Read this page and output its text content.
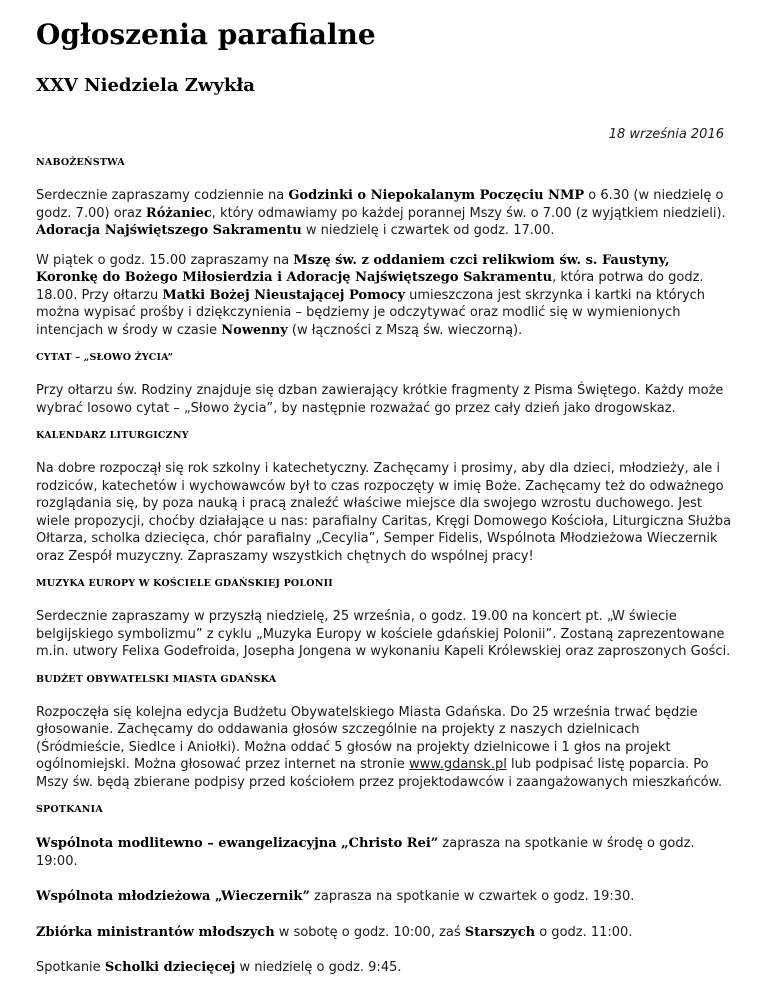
Ogłoszenia parafialne
XXV Niedziela Zwykła
18 września 2016
NABOŻEŃSTWA

Serdecznie zapraszamy codziennie na Godzinki o Niepokalanym Poczęciu NMP o 6.30 (w niedzielę o godz. 7.00) oraz Różaniec, który odmawiamy po każdej porannej Mszy św. o 7.00 (z wyjątkiem niedzieli). Adoracja Najświętszego Sakramentu w niedzielę i czwartek od godz. 17.00.

W piątek o godz. 15.00 zapraszamy na Mszę św. z oddaniem czci relikwiom św. s. Faustyny, Koronkę do Bożego Miłosierdzia i Adorację Najświętszego Sakramentu, która potrwa do godz. 18.00. Przy ołtarzu Matki Bożej Nieustającej Pomocy umieszczona jest skrzynka i kartki na których można wypisać prośby i dziękczynienia – będziemy je odczytywać oraz modlić się w wymienionych intencjach w środy w czasie Nowenny (w łączności z Mszą św. wieczorną).

CYTAT – „SŁOWO ŻYCIA”

Przy ołtarzu św. Rodziny znajduje się dzban zawierający krótkie fragmenty z Pisma Świętego. Każdy może wybrać losowo cytat – „Słowo życia”, by następnie rozważać go przez cały dzień jako drogowskaz.

KALENDARZ LITURGICZNY

Na dobre rozpoczął się rok szkolny i katechetyczny. Zachęcamy i prosimy, aby dla dzieci, młodzieży, ale i rodziców, katechetów i wychowawców był to czas rozpoczęty w imię Boże. Zachęcamy też do odważnego rozglądania się, by poza nauką i pracą znaleźć właściwe miejsce dla swojego wzrostu duchowego. Jest wiele propozycji, choćby działające u nas: parafialny Caritas, Kręgi Domowego Kościoła, Liturgiczna Służba Ołtarza, scholka dziecięca, chór parafialny „Cecylia”, Semper Fidelis, Wspólnota Młodzieżowa Wieczernik oraz Zespół muzyczny. Zapraszamy wszystkich chętnych do wspólnej pracy!

MUZYKA EUROPY W KOŚCIELE GDAŃSKIEJ POLONII

Serdecznie zapraszamy w przyszłą niedzielę, 25 września, o godz. 19.00 na koncert pt. „W świecie belgijskiego symbolizmu” z cyklu „Muzyka Europy w kościele gdańskiej Polonii”. Zostaną zaprezentowane m.in. utwory Felixa Godefroida, Josepha Jongena w wykonaniu Kapeli Królewskiej oraz zaproszonych Gości.

BUDŻET OBYWATELSKI MIASTA GDAŃSKA

Rozpoczęła się kolejna edycja Budżetu Obywatelskiego Miasta Gdańska. Do 25 września trwać będzie głosowanie. Zachęcamy do oddawania głosów szczególnie na projekty z naszych dzielnicach (Śródmieście, Siedlce i Aniołki). Można oddać 5 głosów na projekty dzielnicowe i 1 głos na projekt ogólnomiejski. Można głosować przez internet na stronie www.gdansk.pl lub podpisać listę poparcia. Po Mszy św. będą zbierane podpisy przed kościołem przez projektodawców i zaangażowanych mieszkańców.

SPOTKANIA

Wspólnota modlitewno – ewangelizacyjna „Christo Rei” zaprasza na spotkanie w środę o godz. 19:00.

Wspólnota młodzieżowa „Wieczernik” zaprasza na spotkanie w czwartek o godz. 19:30.

Zbiórka ministrantów młodszych w sobotę o godz. 10:00, zaś Starszych o godz. 11:00.

Spotkanie Scholki dziecięcej w niedzielę o godz. 9:45.
